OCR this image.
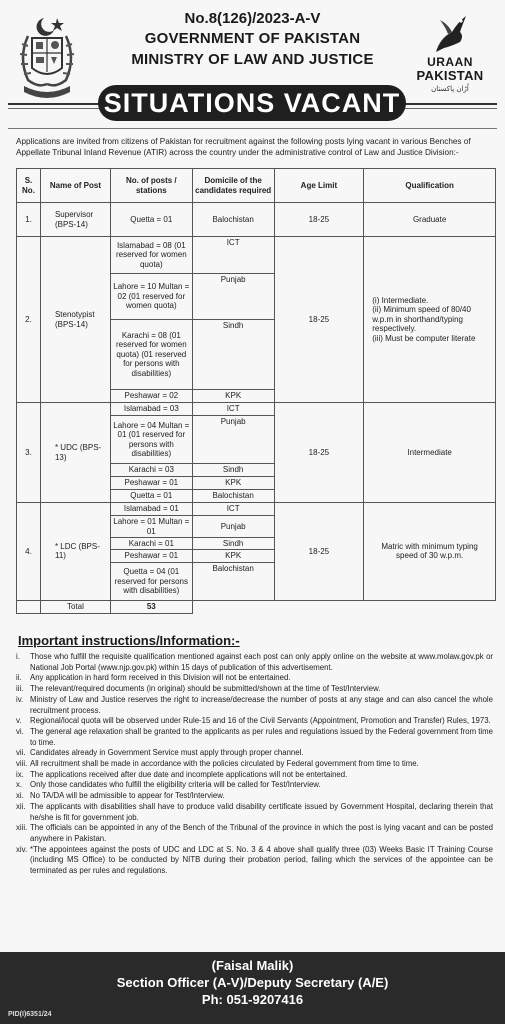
No.8(126)/2023-A-V
GOVERNMENT OF PAKISTAN
MINISTRY OF LAW AND JUSTICE	URAAN
PAKISTAN
اُڑان پاکستان
SITUATIONS VACANT

Applications are invited from citizens of Pakistan for recruitment against the following posts lying vacant in various Benches of Appellate Tribunal Inland Revenue (ATIR) across the country under the administrative control of Law and Justice Division:-

S. No.	Name of Post	No. of posts / stations	Domicile of the candidates required	Age Limit	Qualification
1.	Supervisor (BPS-14)	Quetta = 01	Balochistan	18-25	Graduate
2.	Stenotypist (BPS-14)	Islamabad = 08 (01 reserved for women quota)	ICT	18-25	(i) Intermediate.
(ii) Minimum speed of 80/40 w.p.m in shorthand/typing respectively.
(iii) Must be computer literate
		Lahore = 10 Multan = 02 (01 reserved for women quota)	Punjab		
		Karachi = 08 (01 reserved for women quota) (01 reserved for persons with disabilities)	Sindh		
		Peshawar = 02	KPK		
3.	* UDC (BPS-13)	Islamabad = 03	ICT	18-25	Intermediate
		Lahore = 04 Multan = 01 (01 reserved for persons with disabilities)	Punjab		
		Karachi = 03	Sindh		
		Peshawar = 01	KPK		
		Quetta = 01	Balochistan		
4.	* LDC (BPS-11)	Islamabad = 01	ICT	18-25	Matric with minimum typing speed of 30 w.p.m.
		Lahore = 01 Multan = 01	Punjab		
		Karachi = 01	Sindh		
		Peshawar = 01	KPK		
		Quetta = 04 (01 reserved for persons with disabilities)	Balochistan		
	Total	53			
Important instructions/Information:-
i. Those who fulfill the requisite qualification mentioned against each post can only apply online on the website at www.molaw.gov.pk or National Job Portal (www.njp.gov.pk) within 15 days of publication of this advertisement.
ii. Any application in hard form received in this Division will not be entertained.
iii. The relevant/required documents (in original) should be submitted/shown at the time of Test/Interview.
iv. Ministry of Law and Justice reserves the right to increase/decrease the number of posts at any stage and can also cancel the whole recruitment process.
v. Regional/local quota will be observed under Rule-15 and 16 of the Civil Servants (Appointment, Promotion and Transfer) Rules, 1973.
vi. The general age relaxation shall be granted to the applicants as per rules and regulations issued by the Federal government from time to time.
vii. Candidates already in Government Service must apply through proper channel.
viii. All recruitment shall be made in accordance with the policies circulated by Federal government from time to time.
ix. The applications received after due date and incomplete applications will not be entertained.
x. Only those candidates who fulfill the eligibility criteria will be called for Test/Interview.
xi. No TA/DA will be admissible to appear for Test/Interview.
xii. The applicants with disabilities shall have to produce valid disability certificate issued by Government Hospital, declaring therein that he/she is fit for government job.
xiii. The officials can be appointed in any of the Bench of the Tribunal of the province in which the post is lying vacant and can be posted anywhere in Pakistan.
xiv. *The appointees against the posts of UDC and LDC at S. No. 3 & 4 above shall qualify three (03) Weeks Basic IT Training Course (including MS Office) to be conducted by NITB during their probation period, failing which the services of the appointee can be terminated as per rules and regulations.
(Faisal Malik)
Section Officer (A-V)/Deputy Secretary (A/E)
Ph: 051-9207416
PID(I)6351/24
